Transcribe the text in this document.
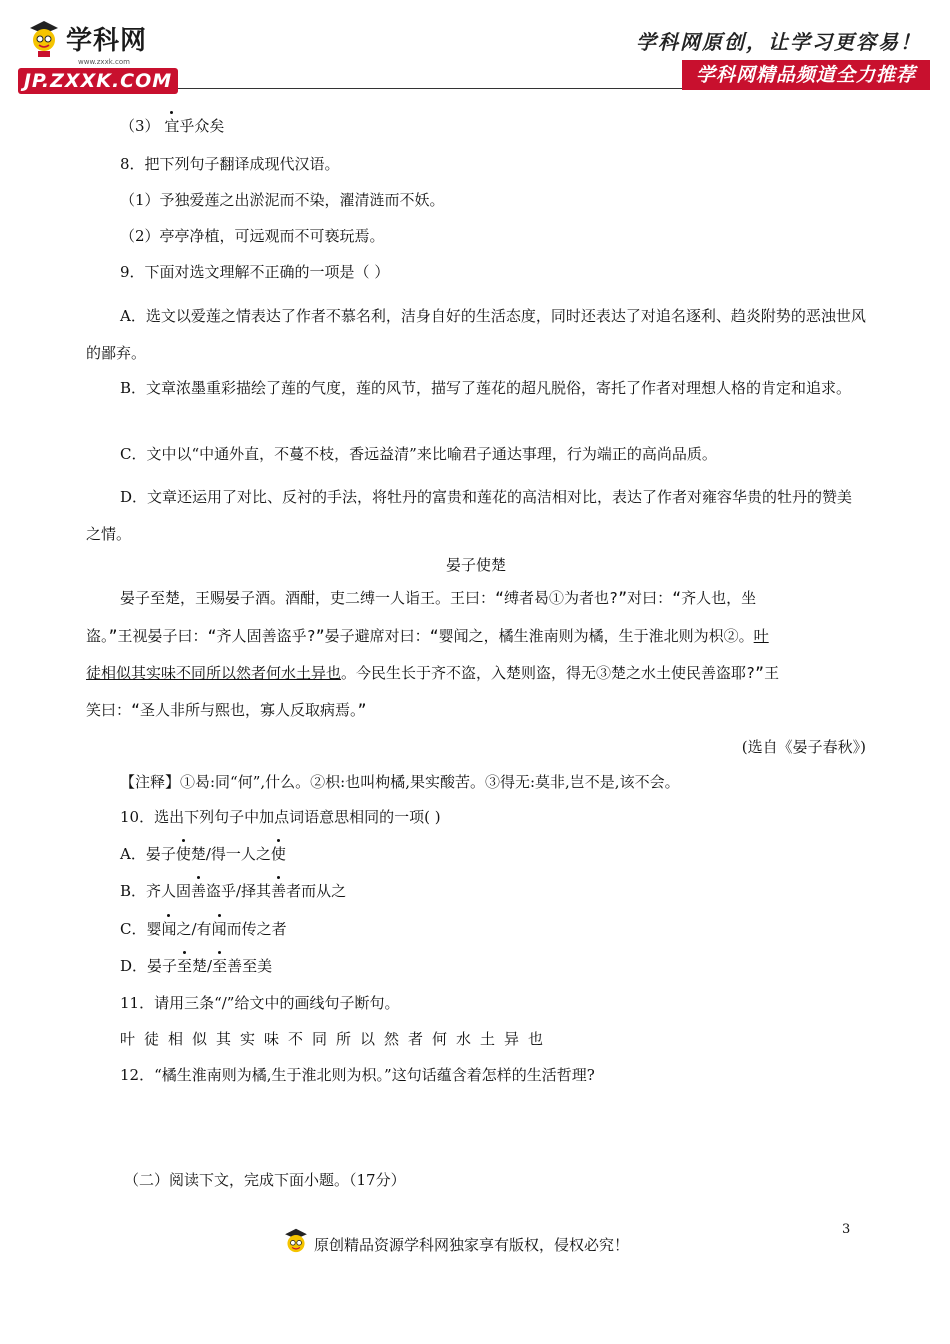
学科网
www.zxxk.com
JP.ZXXK.COM
学科网原创，让学习更容易！
学科网精品频道全力推荐
（3） 宜乎众矣
8．把下列句子翻译成现代汉语。
（1）予独爱莲之出淤泥而不染，濯清涟而不妖。
（2）亭亭净植，可远观而不可亵玩焉。
9．下面对选文理解不正确的一项是（ ）
A．选文以爱莲之情表达了作者不慕名利，洁身自好的生活态度，同时还表达了对追名逐利、趋炎附势的恶浊世风的鄙弃。
B．文章浓墨重彩描绘了莲的气度，莲的风节，描写了莲花的超凡脱俗，寄托了作者对理想人格的肯定和追求。
C．文中以“中通外直，不蔓不枝，香远益清”来比喻君子通达事理，行为端正的高尚品质。
D．文章还运用了对比、反衬的手法，将牡丹的富贵和莲花的高洁相对比，表达了作者对雍容华贵的牡丹的赞美之情。
晏子使楚
晏子至楚，王赐晏子酒。酒酣，吏二缚一人诣王。王曰：“缚者曷①为者也?”对曰：“齐人也，坐
盗。”王视晏子曰：“齐人固善盗乎?”晏子避席对曰：“婴闻之，橘生淮南则为橘，生于淮北则为枳②。叶
徒相似其实味不同所以然者何水土异也。今民生长于齐不盗，入楚则盗，得无③楚之水土使民善盗耶?”王
笑曰：“圣人非所与熙也，寡人反取病焉。”
(选自《晏子春秋》)
【注释】①曷:同“何”,什么。②枳:也叫枸橘,果实酸苦。③得无:莫非,岂不是,该不会。
10．选出下列句子中加点词语意思相同的一项( )
A．晏子使楚/得一人之使
B．齐人固善盗乎/择其善者而从之
C．婴闻之/有闻而传之者
D．晏子至楚/至善至美
11．请用三条“/”给文中的画线句子断句。
叶徒相似其实味不同所以然者何水土异也
12．“橘生淮南则为橘,生于淮北则为枳。”这句话蕴含着怎样的生活哲理?
（二）阅读下文，完成下面小题。（17分）
原创精品资源学科网独家享有版权，侵权必究！
3
